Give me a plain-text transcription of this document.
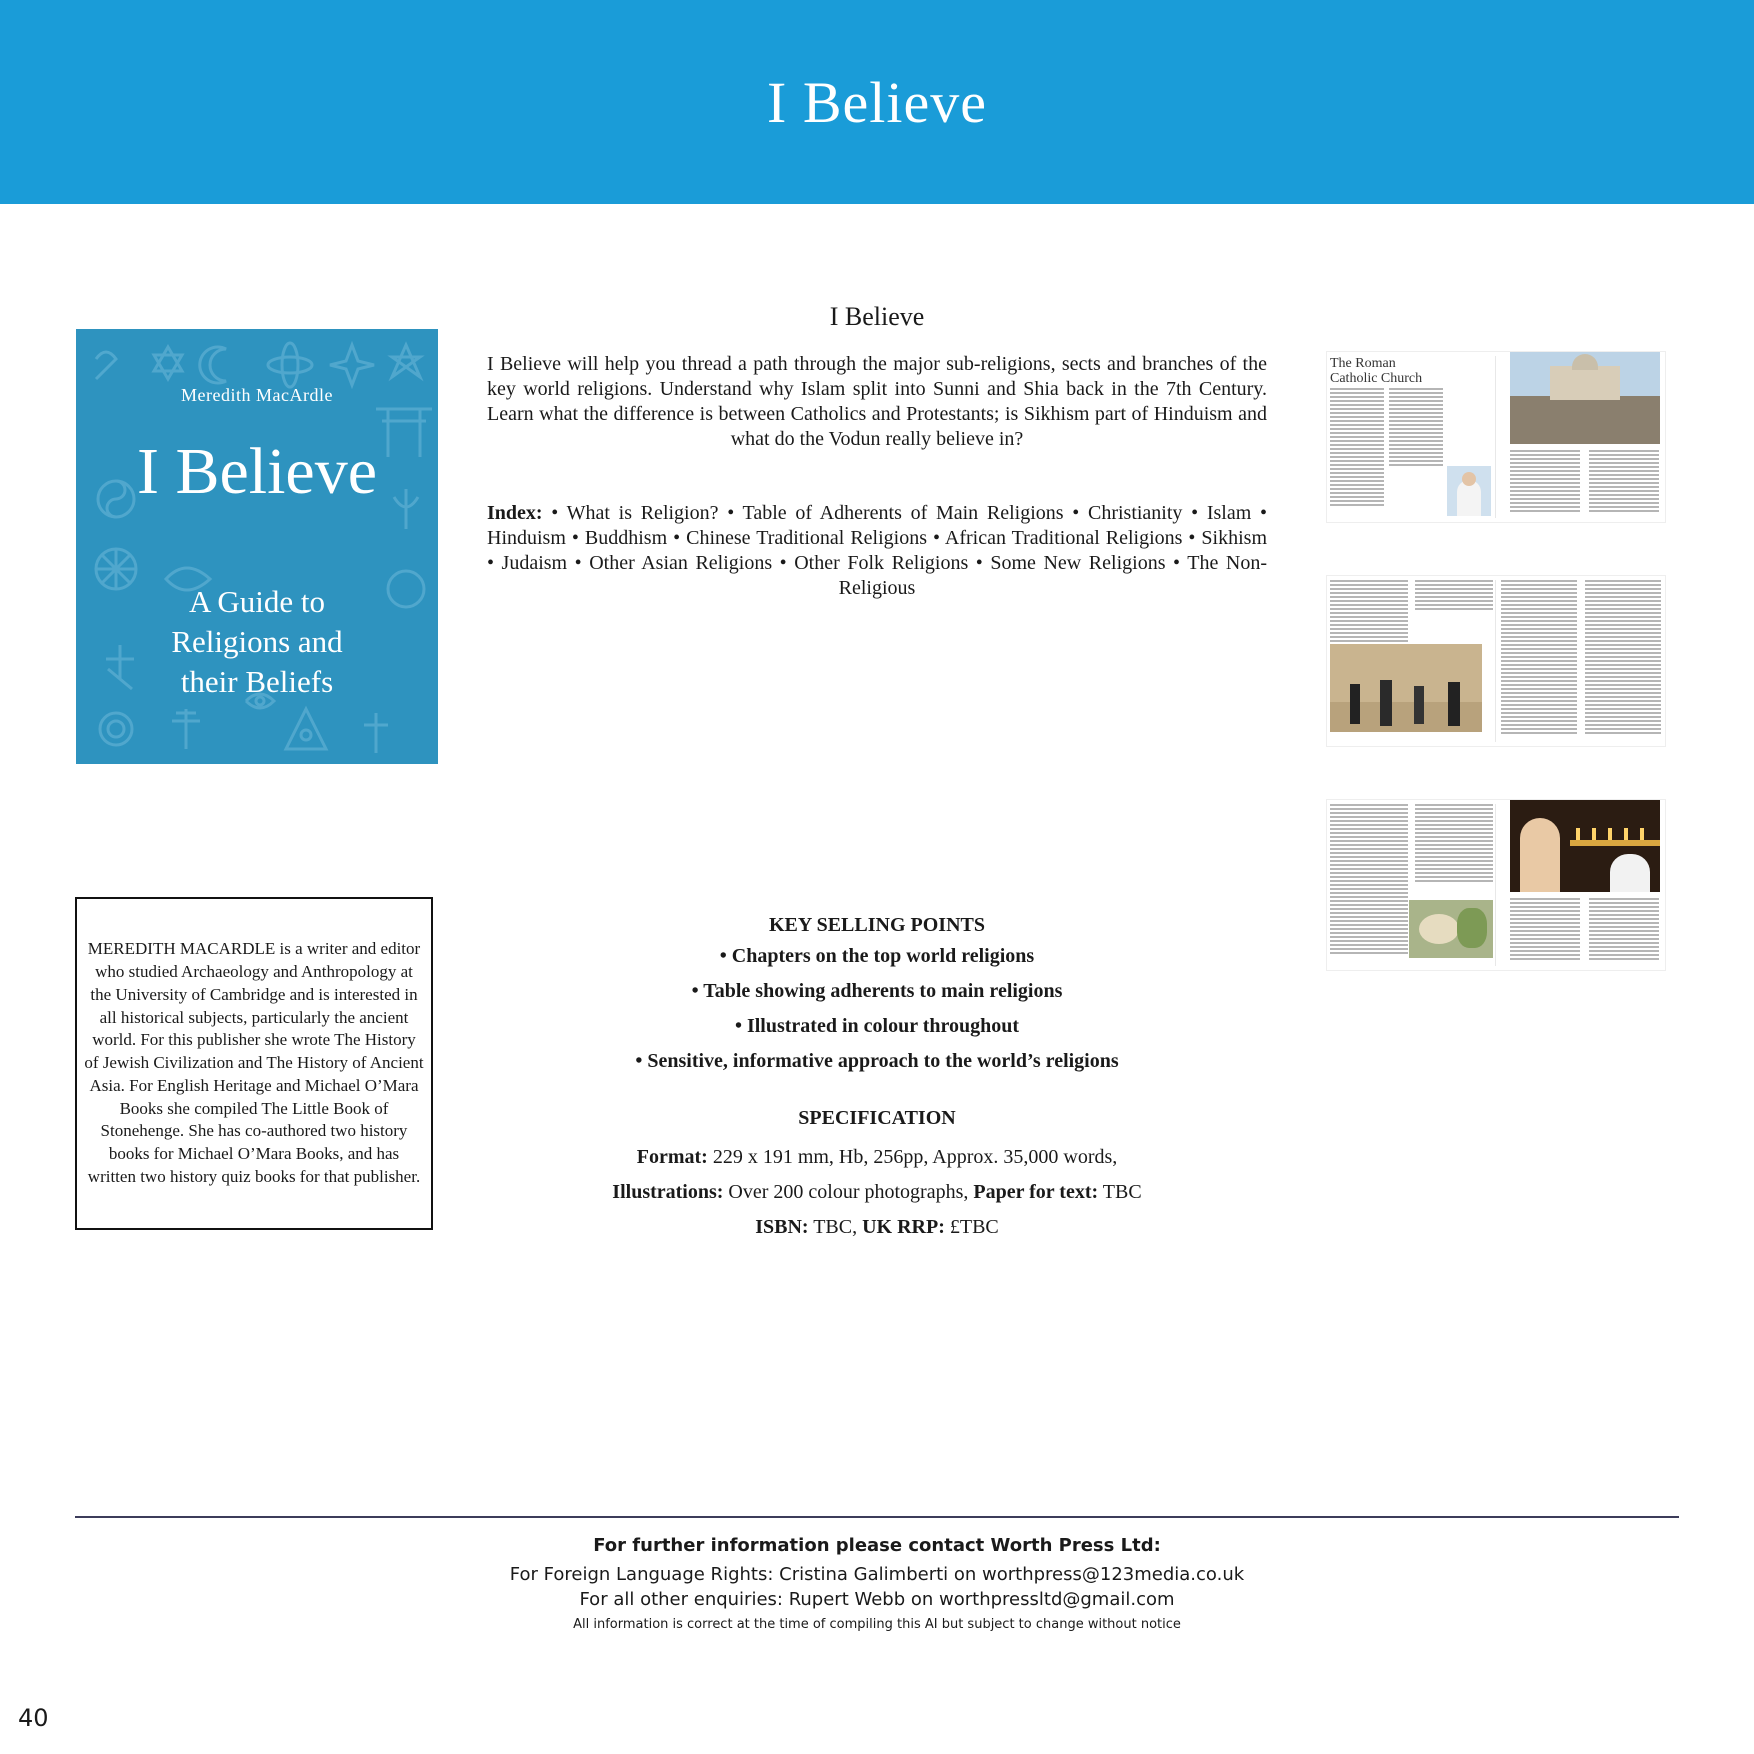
I Believe
Meredith MacArdle
I Believe
A Guide to
Religions and
their Beliefs
I Believe

I Believe will help you thread a path through the major sub-religions, sects and branches of the key world religions. Understand why Islam split into Sunni and Shia back in the 7th Century. Learn what the difference is between Catholics and Protestants; is Sikhism part of Hinduism and what do the Vodun really believe in?

Index: • What is Religion? • Table of Adherents of Main Religions • Christianity • Islam • Hinduism • Buddhism • Chinese Traditional Religions • African Traditional Religions • Sikhism • Judaism • Other Asian Religions • Other Folk Religions • Some New Religions • The Non-Religious

The Roman Catholic Church

MEREDITH MACARDLE is a writer and editor who studied Archaeology and Anthropology at the University of Cambridge and is interested in all historical subjects, particularly the ancient world. For this publisher she wrote The History of Jewish Civilization and The History of Ancient Asia. For English Heritage and Michael O’Mara Books she compiled The Little Book of Stonehenge. She has co-authored two history books for Michael O’Mara Books, and has written two history quiz books for that publisher.

KEY SELLING POINTS
• Chapters on the top world religions
• Table showing adherents to main religions
• Illustrated in colour throughout
• Sensitive, informative approach to the world’s religions
SPECIFICATION
Format: 229 x 191 mm, Hb, 256pp, Approx. 35,000 words,
Illustrations: Over 200 colour photographs, Paper for text: TBC
ISBN: TBC, UK RRP: £TBC
For further information please contact Worth Press Ltd:
For Foreign Language Rights: Cristina Galimberti on worthpress@123media.co.uk
For all other enquiries: Rupert Webb on worthpressltd@gmail.com
All information is correct at the time of compiling this AI but subject to change without notice
40
